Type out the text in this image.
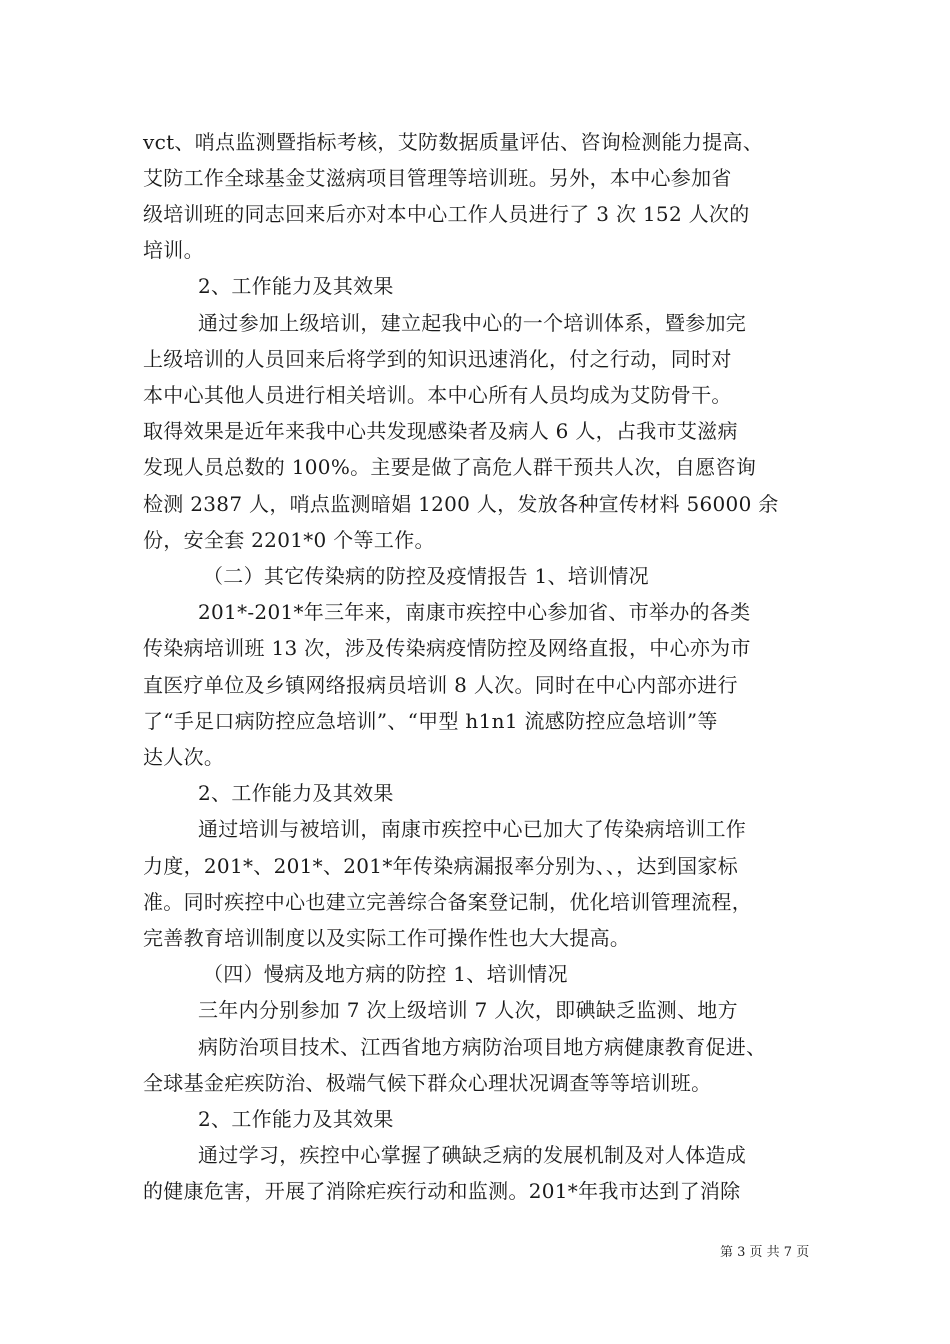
vct、哨点监测暨指标考核，艾防数据质量评估、咨询检测能力提高、
艾防工作全球基金艾滋病项目管理等培训班。另外，本中心参加省
级培训班的同志回来后亦对本中心工作人员进行了 3 次 152 人次的
培训。
2、工作能力及其效果
通过参加上级培训，建立起我中心的一个培训体系，暨参加完
上级培训的人员回来后将学到的知识迅速消化，付之行动，同时对
本中心其他人员进行相关培训。本中心所有人员均成为艾防骨干。
取得效果是近年来我中心共发现感染者及病人 6 人，占我市艾滋病
发现人员总数的 100%。主要是做了高危人群干预共人次，自愿咨询
检测 2387 人，哨点监测暗娼 1200 人，发放各种宣传材料 56000 余
份，安全套 2201*0 个等工作。
（二）其它传染病的防控及疫情报告 1、培训情况
201*-201*年三年来，南康市疾控中心参加省、市举办的各类
传染病培训班 13 次，涉及传染病疫情防控及网络直报，中心亦为市
直医疗单位及乡镇网络报病员培训 8 人次。同时在中心内部亦进行
了“手足口病防控应急培训”、“甲型 h1n1 流感防控应急培训”等
达人次。
2、工作能力及其效果
通过培训与被培训，南康市疾控中心已加大了传染病培训工作
力度，201*、201*、201*年传染病漏报率分别为、、，达到国家标
准。同时疾控中心也建立完善综合备案登记制，优化培训管理流程，
完善教育培训制度以及实际工作可操作性也大大提高。
（四）慢病及地方病的防控 1、培训情况
三年内分别参加 7 次上级培训 7 人次，即碘缺乏监测、地方
病防治项目技术、江西省地方病防治项目地方病健康教育促进、
全球基金疟疾防治、极端气候下群众心理状况调查等等培训班。
2、工作能力及其效果
通过学习，疾控中心掌握了碘缺乏病的发展机制及对人体造成
的健康危害，开展了消除疟疾行动和监测。201*年我市达到了消除
第 3 页 共 7 页
